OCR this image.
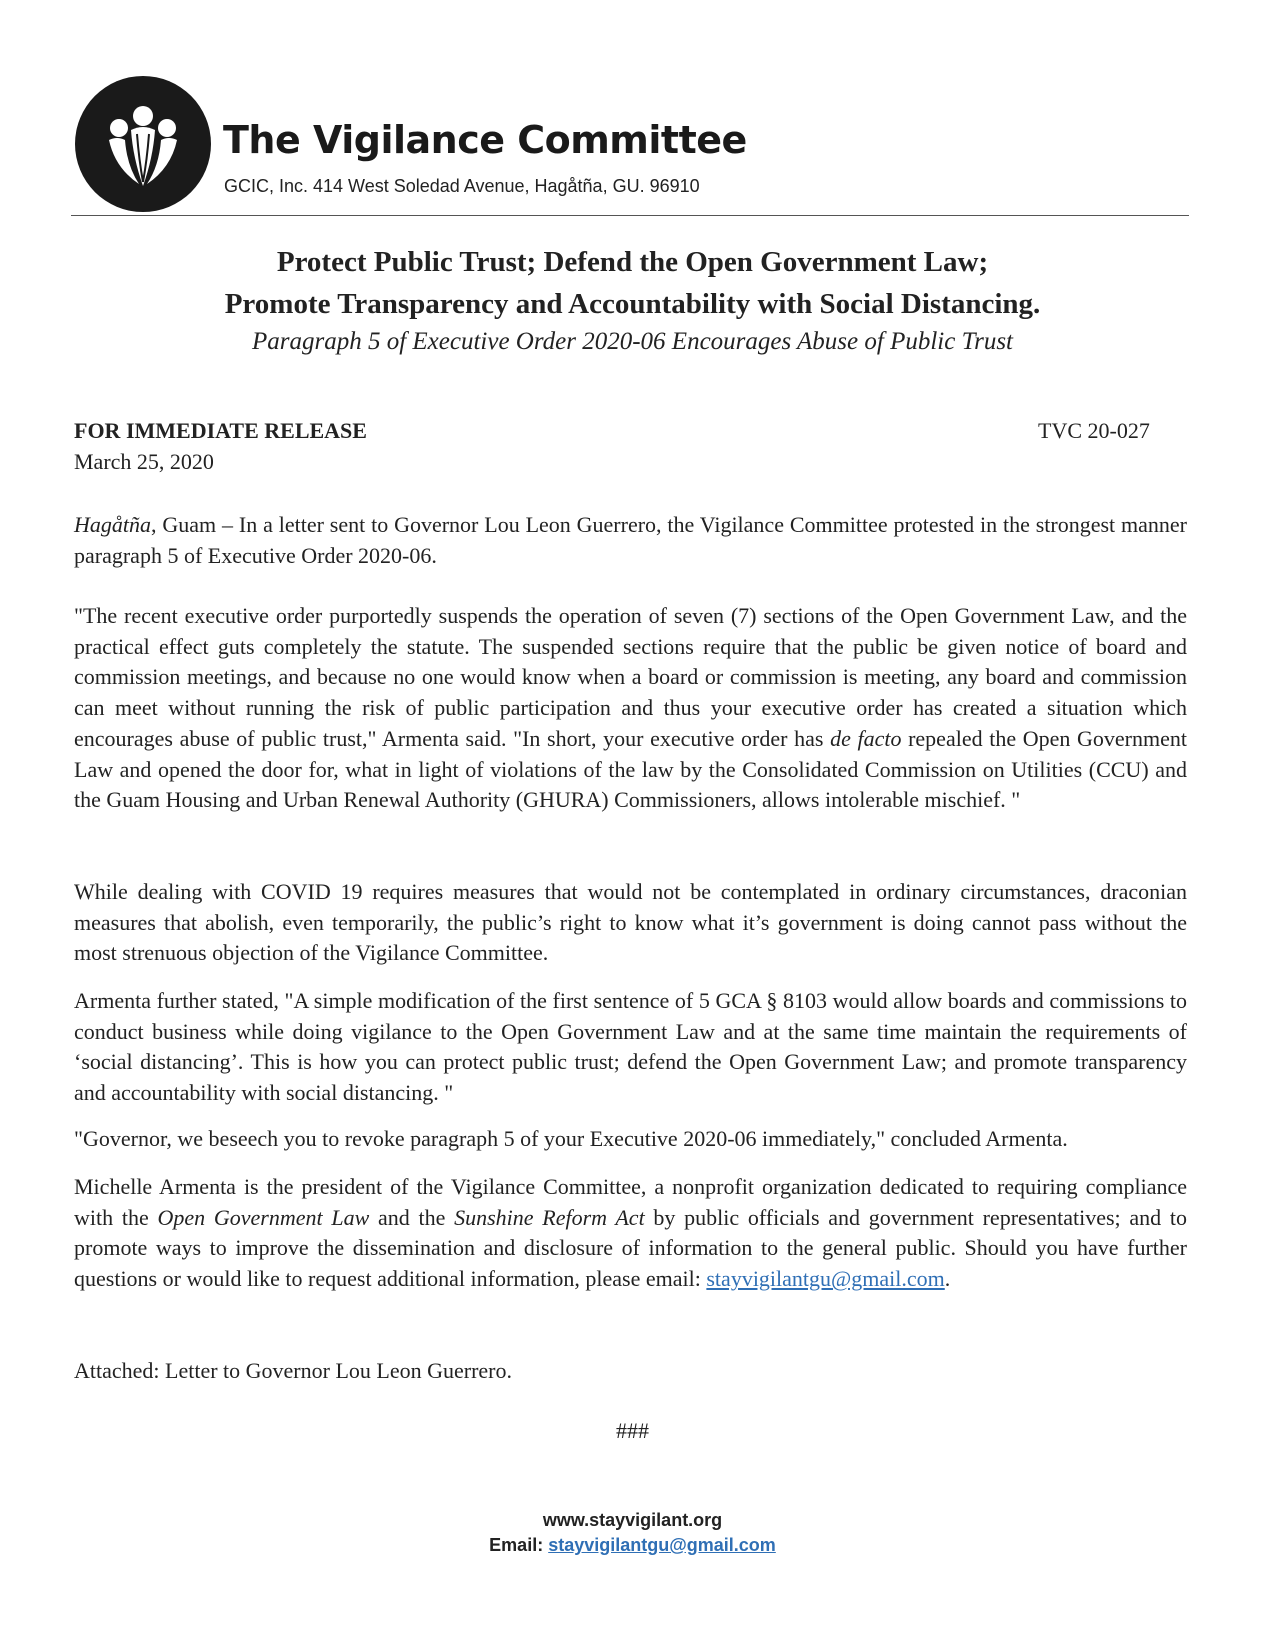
The Vigilance Committee
GCIC, Inc. 414 West Soledad Avenue, Hagåtña, GU. 96910
Protect Public Trust; Defend the Open Government Law;
Promote Transparency and Accountability with Social Distancing.
Paragraph 5 of Executive Order 2020-06 Encourages Abuse of Public Trust
FOR IMMEDIATE RELEASE	TVC 20-027
March 25, 2020

Hagåtña, Guam – In a letter sent to Governor Lou Leon Guerrero, the Vigilance Committee protested in the strongest manner paragraph 5 of Executive Order 2020-06.

"The recent executive order purportedly suspends the operation of seven (7) sections of the Open Government Law, and the practical effect guts completely the statute. The suspended sections require that the public be given notice of board and commission meetings, and because no one would know when a board or commission is meeting, any board and commission can meet without running the risk of public participation and thus your executive order has created a situation which encourages abuse of public trust," Armenta said. "In short, your executive order has de facto repealed the Open Government Law and opened the door for, what in light of violations of the law by the Consolidated Commission on Utilities (CCU) and the Guam Housing and Urban Renewal Authority (GHURA) Commissioners, allows intolerable mischief. "

While dealing with COVID 19 requires measures that would not be contemplated in ordinary circumstances, draconian measures that abolish, even temporarily, the public’s right to know what it’s government is doing cannot pass without the most strenuous objection of the Vigilance Committee.

Armenta further stated, "A simple modification of the first sentence of 5 GCA § 8103 would allow boards and commissions to conduct business while doing vigilance to the Open Government Law and at the same time maintain the requirements of ‘social distancing’. This is how you can protect public trust; defend the Open Government Law; and promote transparency and accountability with social distancing. "

"Governor, we beseech you to revoke paragraph 5 of your Executive 2020-06 immediately," concluded Armenta.

Michelle Armenta is the president of the Vigilance Committee, a nonprofit organization dedicated to requiring compliance with the Open Government Law and the Sunshine Reform Act by public officials and government representatives; and to promote ways to improve the dissemination and disclosure of information to the general public. Should you have further questions or would like to request additional information, please email: stayvigilantgu@gmail.com.

Attached: Letter to Governor Lou Leon Guerrero.
###
www.stayvigilant.org
Email: stayvigilantgu@gmail.com
